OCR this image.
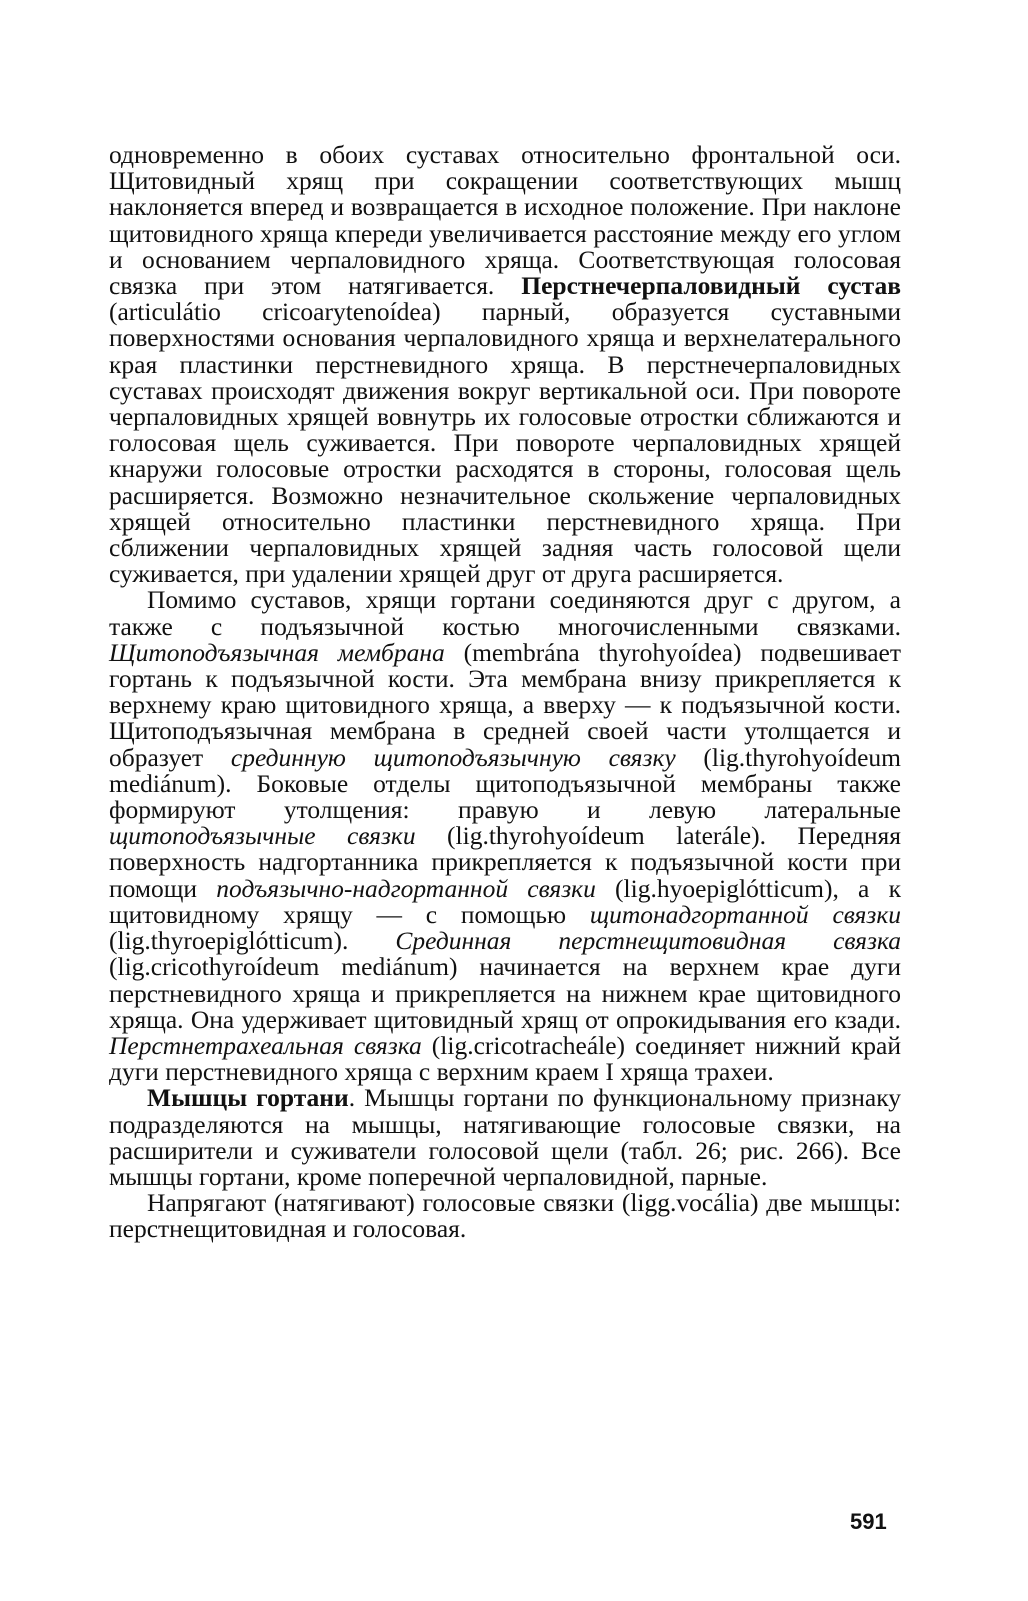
одновременно в обоих суставах относительно фронтальной оси. Щитовидный хрящ при сокращении соответствующих мышц наклоняется вперед и возвращается в исходное положение. При наклоне щитовидного хряща кпереди увеличивается расстояние между его углом и основанием черпаловидного хряща. Соответствующая голосовая связка при этом натягивается. Перстнечерпаловидный сустав (articulátio cricoarytenoídea) парный, образуется суставными поверхностями основания черпаловидного хряща и верхнелатерального края пластинки перстневидного хряща. В перстнечерпаловидных суставах происходят движения вокруг вертикальной оси. При повороте черпаловидных хрящей вовнутрь их голосовые отростки сближаются и голосовая щель суживается. При повороте черпаловидных хрящей кнаружи голосовые отростки расходятся в стороны, голосовая щель расширяется. Возможно незначительное скольжение черпаловидных хрящей относительно пластинки перстневидного хряща. При сближении черпаловидных хрящей задняя часть голосовой щели суживается, при удалении хрящей друг от друга расширяется.

Помимо суставов, хрящи гортани соединяются друг с другом, а также с подъязычной костью многочисленными связками. Щитоподъязычная мембрана (membrána thyrohyoídea) подвешивает гортань к подъязычной кости. Эта мембрана внизу прикрепляется к верхнему краю щитовидного хряща, а вверху — к подъязычной кости. Щитоподъязычная мембрана в средней своей части утолщается и образует срединную щитоподъязычную связку (lig.thyrohyoídeum mediánum). Боковые отделы щитоподъязычной мембраны также формируют утолщения: правую и левую латеральные щитоподъязычные связки (lig.thyrohyoídeum laterále). Передняя поверхность надгортанника прикрепляется к подъязычной кости при помощи подъязычно-надгортанной связки (lig.hyoepiglótticum), а к щитовидному хрящу — с помощью щитонадгортанной связки (lig.thyroepiglótticum). Срединная перстнещитовидная связка (lig.cricothyroídeum mediánum) начинается на верхнем крае дуги перстневидного хряща и прикрепляется на нижнем крае щитовидного хряща. Она удерживает щитовидный хрящ от опрокидывания его кзади. Перстнетрахеальная связка (lig.cricotracheále) соединяет нижний край дуги перстневидного хряща с верхним краем I хряща трахеи.

Мышцы гортани. Мышцы гортани по функциональному признаку подразделяются на мышцы, натягивающие голосовые связки, на расширители и суживатели голосовой щели (табл. 26; рис. 266). Все мышцы гортани, кроме поперечной черпаловидной, парные.

Напрягают (натягивают) голосовые связки (ligg.vocália) две мышцы: перстнещитовидная и голосовая.

591
